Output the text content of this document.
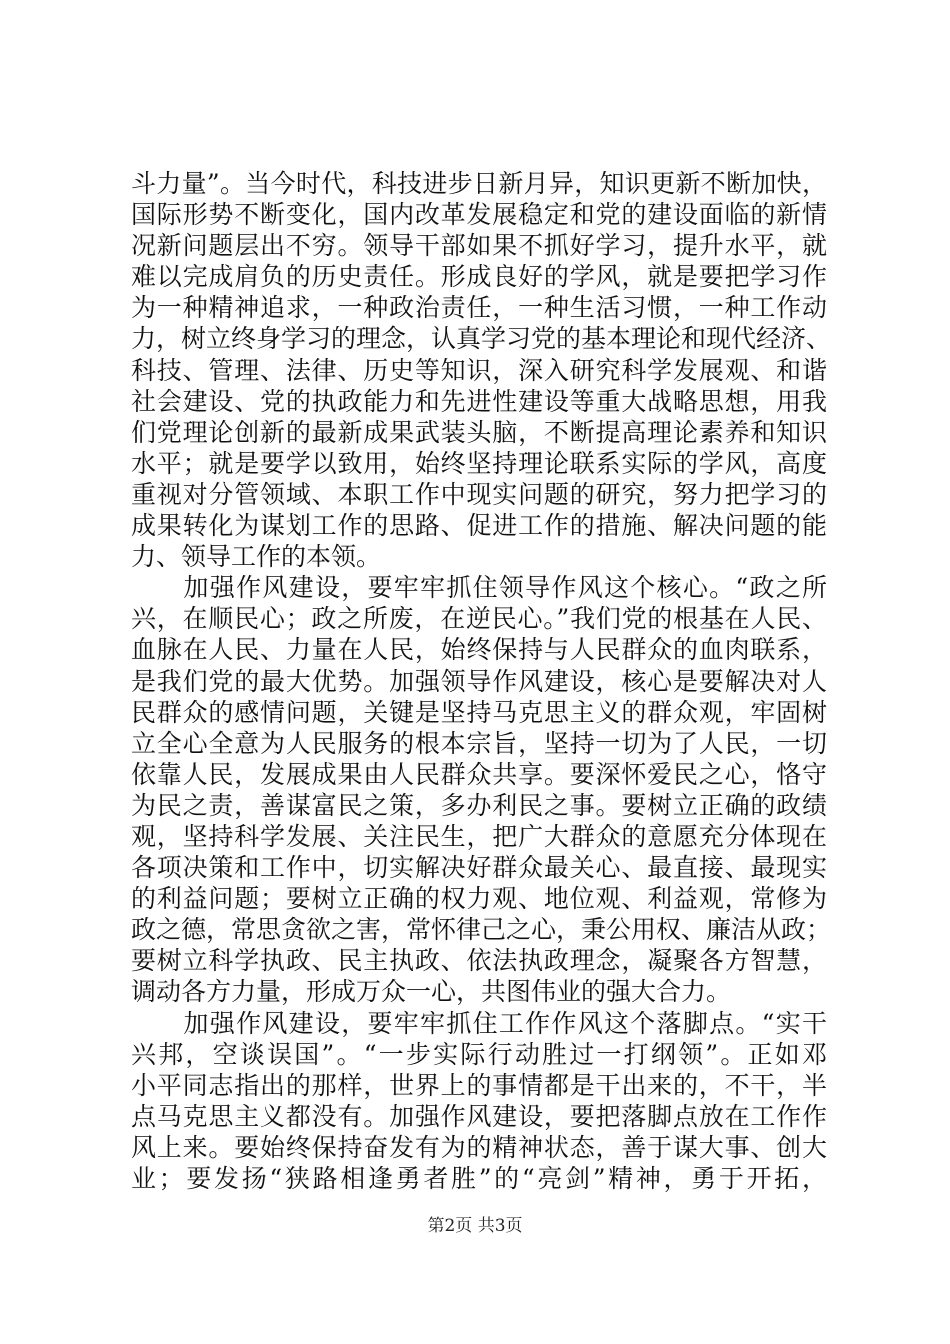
斗力量”。当今时代，科技进步日新月异，知识更新不断加快，
国际形势不断变化，国内改革发展稳定和党的建设面临的新情
况新问题层出不穷。领导干部如果不抓好学习，提升水平，就
难以完成肩负的历史责任。形成良好的学风，就是要把学习作
为一种精神追求，一种政治责任，一种生活习惯，一种工作动
力，树立终身学习的理念，认真学习党的基本理论和现代经济、
科技、管理、法律、历史等知识，深入研究科学发展观、和谐
社会建设、党的执政能力和先进性建设等重大战略思想，用我
们党理论创新的最新成果武装头脑，不断提高理论素养和知识
水平；就是要学以致用，始终坚持理论联系实际的学风，高度
重视对分管领域、本职工作中现实问题的研究，努力把学习的
成果转化为谋划工作的思路、促进工作的措施、解决问题的能
力、领导工作的本领。
　　加强作风建设，要牢牢抓住领导作风这个核心。“政之所
兴，在顺民心；政之所废，在逆民心。”我们党的根基在人民、
血脉在人民、力量在人民，始终保持与人民群众的血肉联系，
是我们党的最大优势。加强领导作风建设，核心是要解决对人
民群众的感情问题，关键是坚持马克思主义的群众观，牢固树
立全心全意为人民服务的根本宗旨，坚持一切为了人民，一切
依靠人民，发展成果由人民群众共享。要深怀爱民之心，恪守
为民之责，善谋富民之策，多办利民之事。要树立正确的政绩
观，坚持科学发展、关注民生，把广大群众的意愿充分体现在
各项决策和工作中，切实解决好群众最关心、最直接、最现实
的利益问题；要树立正确的权力观、地位观、利益观，常修为
政之德，常思贪欲之害，常怀律己之心，秉公用权、廉洁从政；
要树立科学执政、民主执政、依法执政理念，凝聚各方智慧，
调动各方力量，形成万众一心，共图伟业的强大合力。
　　加强作风建设，要牢牢抓住工作作风这个落脚点。“实干
兴邦，空谈误国”。“一步实际行动胜过一打纲领”。正如邓
小平同志指出的那样，世界上的事情都是干出来的，不干，半
点马克思主义都没有。加强作风建设，要把落脚点放在工作作
风上来。要始终保持奋发有为的精神状态，善于谋大事、创大
业；要发扬“狭路相逢勇者胜”的“亮剑”精神，勇于开拓，
第2页 共3页
